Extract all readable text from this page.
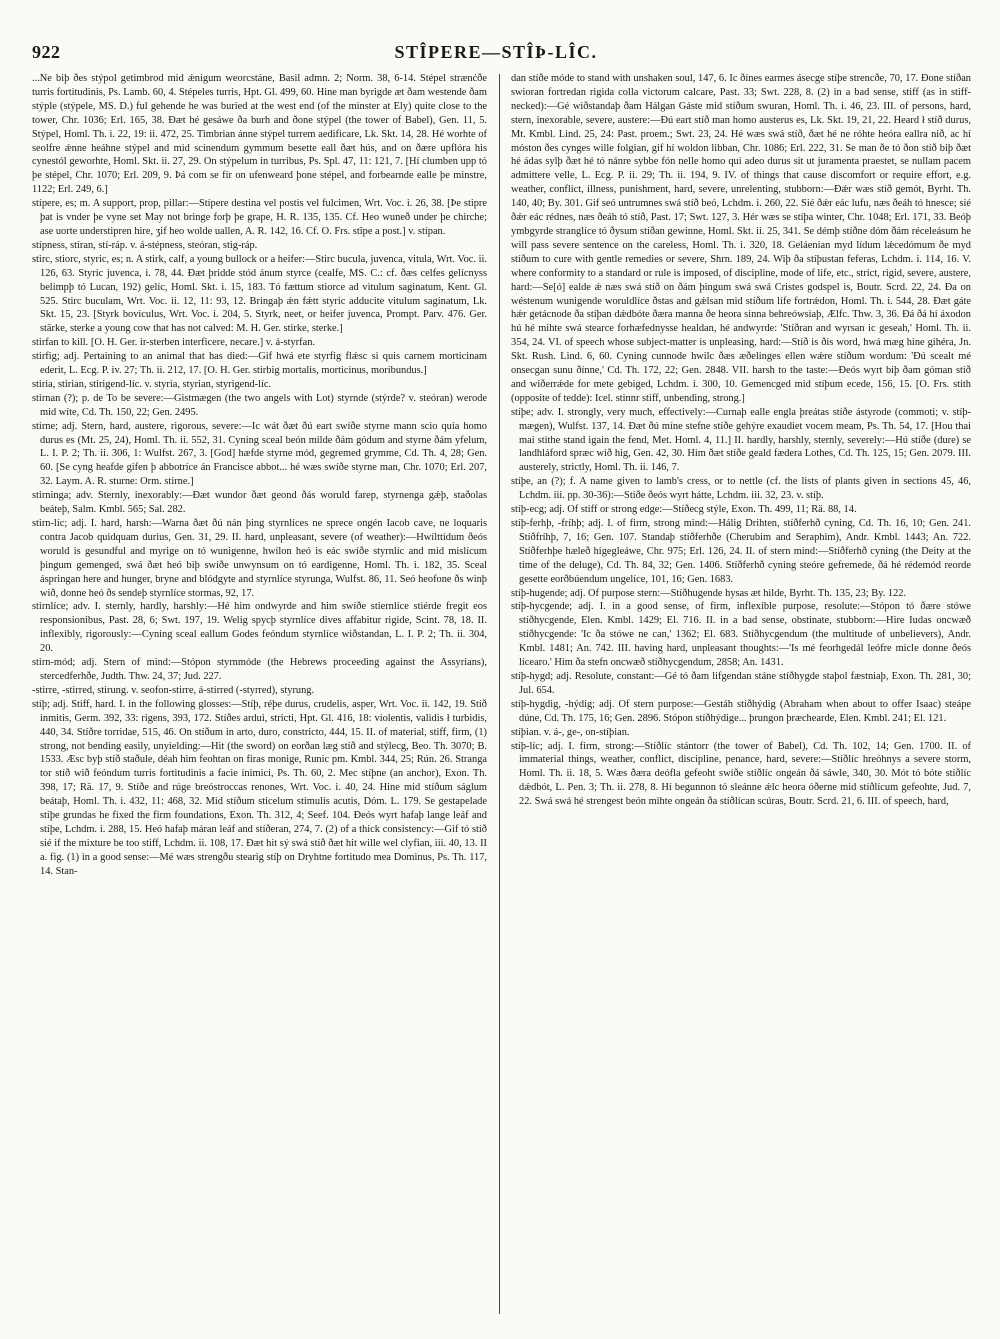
922	STÎPERE—STÎÞ-LÎC.

...Ne biþ ðes stýpol getimbrod mid ǽnigum weorcstáne, Basil admn. 2; Norm. 38, 6-14. Stépel strænċðe turris fortitudinis, Ps. Lamb. 60, 4. Stépeles turris, Hpt. Gl. 499, 60. Hine man byrigde æt ðam westende ðam stýple (stýpele, MS. D.) ful gehende he was buried at the west end (of the minster at Ely) quite close to the tower, Chr. 1036; Erl. 165, 38. Ðæt hé gesáwe ða burh and ðone stýpel (the tower of Babel), Gen. 11, 5. Stýpel, Homl. Th. i. 22, 19: ii. 472, 25. Timbrian ánne stýpel turrem aedificare, Lk. Skt. 14, 28. Hé worhte of seolfre ǽnne heáhne stýpel and mid scínendum gymmum besette eall ðæt hús, and on ðære upflóra his cynestól geworhte, Homl. Skt. ii. 27, 29. On stýpelum in turribus, Ps. Spl. 47, 11: 121, 7. [Hí clumben upp tó þe stépel, Chr. 1070; Erl. 209, 9. Þá com se fír on ufenweard þone stépel, and forbearnde ealle þe minstre, 1122; Erl. 249, 6.]

stípere, es; m. A support, prop, pillar:—Stípere destina vel postis vel fulcimen, Wrt. Voc. i. 26, 38. [Þe stipre þat is vnder þe vyne set May not bringe forþ þe grape, H. R. 135, 135. Cf. Heo wuneð under þe chirche; ase uorte understipren hire, ʒif heo wolde uallen, A. R. 142, 16. Cf. O. Frs. stîpe a post.] v. stípan.

stípness, stíran, stí-ráp. v. á-stépness, steóran, stig-ráp.

stirc, stiorc, styric, es; n. A stirk, calf, a young bullock or a heifer:—Stirc bucula, juvenca, vitula, Wrt. Voc. ii. 126, 63. Styric juvenca, i. 78, 44. Ðæt þridde stód ánum styrce (cealfe, MS. C.: cf. ðæs celfes gelícnyss belimpþ tó Lucan, 192) gelíc, Homl. Skt. i. 15, 183. Tó fættum stiorce ad vitulum saginatum, Kent. Gl. 525. Stirc buculam, Wrt. Voc. ii. 12, 11: 93, 12. Bringaþ ǽn fǽtt styric adducite vitulum saginatum, Lk. Skt. 15, 23. [Styrk boviculus, Wrt. Voc. i. 204, 5. Styrk, neet, or heifer juvenca, Prompt. Parv. 476. Ger. stärke, sterke a young cow that has not calved: M. H. Ger. stirke, sterke.]

stirfan to kill. [O. H. Ger. ir-sterben interficere, necare.] v. á-styrfan.

stirfig; adj. Pertaining to an animal that has died:—Gif hwá ete styrfig flǽsc si quis carnem morticinam ederit, L. Ecg. P. iv. 27; Th. ii. 212, 17. [O. H. Ger. stirbig mortalis, morticinus, moribundus.]

stiria, stirian, stirigend-líc. v. styria, styrian, styrigend-líc.

stirnan (?); p. de To be severe:—Gistmægen (the two angels with Lot) styrnde (stýrde? v. steóran) werode mid wíte, Cd. Th. 150, 22; Gen. 2495.

stirne; adj. Stern, hard, austere, rigorous, severe:—Ic wát ðæt ðú eart swíðe styrne mann scio quia homo durus es (Mt. 25, 24), Homl. Th. ii. 552, 31. Cyning sceal beón milde ðám gódum and styrne ðám yfelum, L. I. P. 2; Th. ii. 306, 1: Wulfst. 267, 3. [God] hæfde styrne mód, gegremed grymme, Cd. Th. 4, 28; Gen. 60. [Se cyng heafde gifen þ abbotríce án Francisce abbot... hé wæs swíðe styrne man, Chr. 1070; Erl. 207, 32. Laym. A. R. sturne: Orm. stirne.]

stirninga; adv. Sternly, inexorably:—Ðæt wundor ðæt geond ðás woruld farep, styrnenga gǽþ, staðolas beáteþ, Salm. Kmbl. 565; Sal. 282.

stirn-líc; adj. I. hard, harsh:—Warna ðæt ðú nán þing styrnlíces ne sprece ongén Iacob cave, ne loquaris contra Jacob quidquam durius, Gen. 31, 29. II. hard, unpleasant, severe (of weather):—Hwílttídum ðeós woruld is gesundful and myrige on tó wunigenne, hwílon heó is eác swíðe styrnlíc and mid mislícum þingum gemenged, swá ðæt heó biþ swíðe unwynsum on tó eardigenne, Homl. Th. i. 182, 35. Sceal áspringan here and hunger, bryne and blódgyte and styrnlíce styrunga, Wulfst. 86, 11. Seó heofone ðs winþ wið, donne heó ðs sendeþ styrnlíce stormas, 92, 17.

stirnlíce; adv. I. sternly, hardly, harshly:—Hé him ondwyrde and him swíðe stiernlíce stiérde fregit eos responsionibus, Past. 28, 6; Swt. 197, 19. Welig spycþ styrnlíce dives affabitur rigide, Scint. 78, 18. II. inflexibly, rigorously:—Cyning sceal eallum Godes feóndum styrnlíce wiðstandan, L. I. P. 2; Th. ii. 304, 20.

stirn-mód; adj. Stern of mind:—Stópon styrnmóde (the Hebrews proceeding against the Assyrians), stercedferhðe, Judth. Thw. 24, 37; Jud. 227.

-stirre, -stirred, stirung. v. seofon-stirre, á-stirred (-styrred), styrung.

stíþ; adj. Stiff, hard. I. in the following glosses:—Stíþ, réþe durus, crudelis, asper, Wrt. Voc. ii. 142, 19. Stíð inmitis, Germ. 392, 33: rigens, 393, 172. Stíðes ardui, stricti, Hpt. Gl. 416, 18: violentis, validis ł turbidis, 440, 34. Stíðre torridae, 515, 46. On stíðum in arto, duro, constricto, 444, 15. II. of material, stiff, firm, (1) strong, not bending easily, unyielding:—Hit (the sword) on eorðan læg stíð and stýlecg, Beo. Th. 3070; B. 1533. Æsc byþ stíð staðule, déah him feohtan on firas monige, Runic pm. Kmbl. 344, 25; Rún. 26. Stranga tor stíð wið feóndum turris fortitudinis a facie inimici, Ps. Th. 60, 2. Mec stíþne (an anchor), Exon. Th. 398, 17; Rä. 17, 9. Stíðe and rúge breóstroccas renones, Wrt. Voc. i. 40, 24. Hine mid stíðum ságlum beátaþ, Homl. Th. i. 432, 11: 468, 32. Mid stíðum sticelum stimulis acutis, Dóm. L. 179. Se gestapelade stíþe grundas he fixed the firm foundations, Exon. Th. 312, 4; Seef. 104. Ðeós wyrt hafaþ lange leáf and stíþe, Lchdm. i. 288, 15. Heó hafaþ máran leáf and stíðeran, 274, 7. (2) of a thick consistency:—Gif tó stíð sié if the mixture be too stiff, Lchdm. ii. 108, 17. Ðæt hit sý swá stíð ðæt hit wille wel clyfian, iii. 40, 13. II a. fig. (1) in a good sense:—Mé wæs strengðu stearig stíþ on Dryhtne fortitudo mea Dominus, Ps. Th. 117, 14. Stan-

dan stíðe móde to stand with unshaken soul, 147, 6. Ic ðínes earmes ásecge stíþe strencðe, 70, 17. Ðone stíðan swioran fortredan rigida colla victorum calcare, Past. 33; Swt. 228, 8. (2) in a bad sense, stiff (as in stiff-necked):—Gé wiðstandaþ ðam Hálgan Gáste mid stíðum swuran, Homl. Th. i. 46, 23. III. of persons, hard, stern, inexorable, severe, austere:—Ðú eart stíð man homo austerus es, Lk. Skt. 19, 21, 22. Heard ł stíð durus, Mt. Kmbl. Lind. 25, 24: Past. proem.; Swt. 23, 24. Hé wæs swá stíð, ðæt hé ne róhte heóra eallra nið, ac hí móston ðes cynges wille folgian, gif hí woldon libban, Chr. 1086; Erl. 222, 31. Se man ðe tó ðon stíð biþ ðæt hé ádas sylþ ðæt hé tó nánre sybbe fón nelle homo qui adeo durus sit ut juramenta praestet, se nullam pacem admittere velle, L. Ecg. P. ii. 29; Th. ii. 194, 9. IV. of things that cause discomfort or require effort, e.g. weather, conflict, illness, punishment, hard, severe, unrelenting, stubborn:—Ðǽr wæs stíð gemót, Byrht. Th. 140, 40; By. 301. Gif seó untrumnes swá stíð beó, Lchdm. i. 260, 22. Sié ðǽr eác lufu, næs ðeáh tó hnesce; sié ðǽr eác rédnes, næs ðeáh tó stíð, Past. 17; Swt. 127, 3. Hér wæs se stíþa winter, Chr. 1048; Erl. 171, 33. Beóþ ymbgyrde stranglíce tó ðysum stíðan gewinne, Homl. Skt. ii. 25, 341. Se démþ stíðne dóm ðám réceleásum he will pass severe sentence on the careless, Homl. Th. i. 320, 18. Geláenian myd lídum lǽcedómum ðe myd stíðum to cure with gentle remedies or severe, Shrn. 189, 24. Wiþ ða stíþustan feferas, Lchdm. i. 114, 16. V. where conformity to a standard or rule is imposed, of discipline, mode of life, etc., strict, rigid, severe, austere, hard:—Se[ó] ealde ǽ næs swá stíð on ðám þingum swá swá Cristes godspel is, Boutr. Scrd. 22, 24. Ða on wéstenum wunigende woruldlíce ðstas and gǽlsan mid stíðum lífe fortrǽdon, Homl. Th. i. 544, 28. Ðæt gáte hǽr getácnode ða stíþan dǽdbóte ðæra manna ðe heora sinna behreówsiaþ, Ælfc. Thw. 3, 36. Ðá ðá hí áxodon hú hé mihte swá stearce forhæfednysse healdan, hé andwyrde: 'Stíðran and wyrsan ic geseah,' Homl. Th. ii. 354, 24. VI. of speech whose subject-matter is unpleasing, hard:—Stíð is ðis word, hwá mæg hine gihéra, Jn. Skt. Rush. Lind. 6, 60. Cyning cunnode hwilc ðæs æðelinges ellen wǽre stíðum wordum: 'Ðú scealt mé onsecgan sunu ðínne,' Cd. Th. 172, 22; Gen. 2848. VII. harsh to the taste:—Ðeós wyrt biþ ðam góman stíð and wiðerrǽde for mete gebiged, Lchdm. i. 300, 10. Gemencged mid stíþum ecede, 156, 15. [O. Frs. stith (opposite of tedde): Icel. stinnr stiff, unbending, strong.]

stíþe; adv. I. strongly, very much, effectively:—Curnaþ ealle engla þreátas stíðe ástyrode (commoti; v. stíþ-mægen), Wulfst. 137, 14. Ðæt ðú míne stefne stíðe gehýre exaudiet vocem meam, Ps. Th. 54, 17. [Hou thai mai stithe stand igain the fend, Met. Homl. 4, 11.] II. hardly, harshly, sternly, severely:—Hú stíðe (dure) se landhláford spræc wið hig, Gen. 42, 30. Him ðæt stíðe geald fædera Lothes, Cd. Th. 125, 15; Gen. 2079. III. austerely, strictly, Homl. Th. ii. 146, 7.

stíþe, an (?); f. A name given to lamb's cress, or to nettle (cf. the lists of plants given in sections 45, 46, Lchdm. iii. pp. 30-36):—Stíðe ðeós wyrt hátte, Lchdm. iii. 32, 23. v. stíþ.

stíþ-ecg; adj. Of stiff or strong edge:—Stíðecg stýle, Exon. Th. 499, 11; Rä. 88, 14.

stíþ-ferhþ, -fríhþ; adj. I. of firm, strong mind:—Hálig Drihten, stíðferhð cyning, Cd. Th. 16, 10; Gen. 241. Stíðfríhþ, 7, 16; Gen. 107. Standaþ stíðferhðe (Cherubim and Seraphim), Andr. Kmbl. 1443; An. 722. Stíðferhþe hæleð higegleáwe, Chr. 975; Erl. 126, 24. II. of stern mind:—Stíðferhð cyning (the Deity at the time of the deluge), Cd. Th. 84, 32; Gen. 1406. Stíðferhð cyning steóre gefremede, ðá hé rédemód reorde gesette eorðbúendum ungelíce, 101, 16; Gen. 1683.

stíþ-hugende; adj. Of purpose stern:—Stíðhugende hysas æt hilde, Byrht. Th. 135, 23; By. 122.

stíþ-hycgende; adj. I. in a good sense, of firm, inflexible purpose, resolute:—Stópon tó ðære stówe stíðhycgende, Elen. Kmbl. 1429; El. 716. II. in a bad sense, obstinate, stubborn:—Hire Iudas oncwæð stíðhycgende: 'Ic ða stówe ne can,' 1362; El. 683. Stíðhycgendum (the multitude of unbelievers), Andr. Kmbl. 1481; An. 742. III. having hard, unpleasant thoughts:—'Is mé feorhgedál leófre micle donne ðeós lícearo.' Him ða stefn oncwæð stíðhycgendum, 2858; An. 1431.

stíþ-hygd; adj. Resolute, constant:—Gé tó ðam lifgendan stáne stíðhygde staþol fæstniaþ, Exon. Th. 281, 30; Jul. 654.

stíþ-hygdig, -hýdig; adj. Of stern purpose:—Gestáh stíðhýdig (Abraham when about to offer Isaac) steápe dúne, Cd. Th. 175, 16; Gen. 2896. Stópon stíðhýdige... þrungon þræchearde, Elen. Kmbl. 241; El. 121.

stíþian. v. á-, ge-, on-stíþian.

stíþ-líc; adj. I. firm, strong:—Stíðlíc stántorr (the tower of Babel), Cd. Th. 102, 14; Gen. 1700. II. of immaterial things, weather, conflict, discipline, penance, hard, severe:—Stíðlíc hreóhnys a severe storm, Homl. Th. ii. 18, 5. Wæs ðæra deófla gefeoht swíðe stíðlíc ongeán ðá sáwle, 340, 30. Mót tó bóte stíðlíc dǽdbót, L. Pen. 3; Th. ii. 278, 8. Hí begunnon tó sleánne ǽlc heora óðerne mid stíðlícum gefeohte, Jud. 7, 22. Swá swá hé strengest beón mihte ongeán ða stíðlícan scúras, Boutr. Scrd. 21, 6. III. of speech, hard,
